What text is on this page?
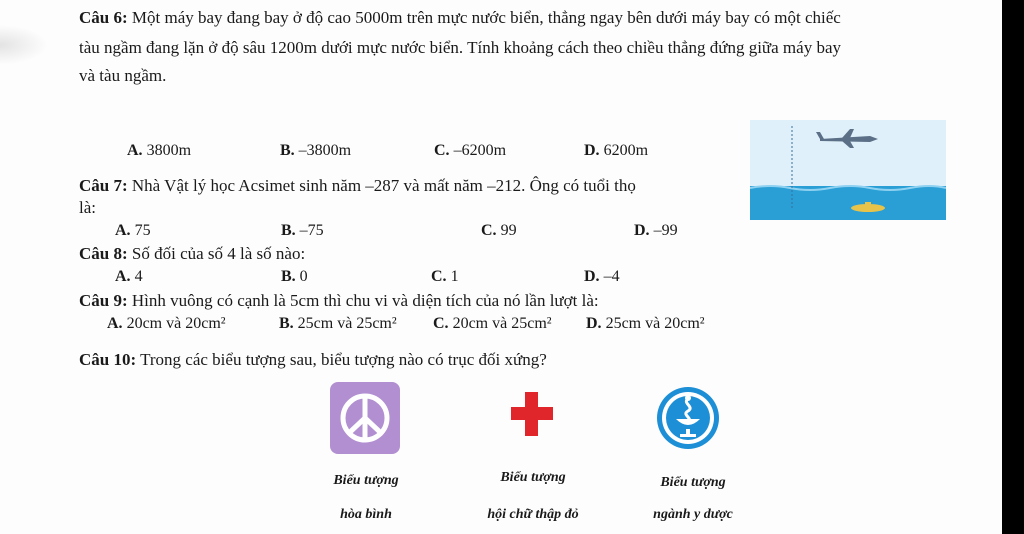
Câu 6: Một máy bay đang bay ở độ cao 5000m trên mực nước biển, thẳng ngay bên dưới máy bay có một chiếc
tàu ngầm đang lặn ở độ sâu 1200m dưới mực nước biển. Tính khoảng cách theo chiều thẳng đứng giữa máy bay
và tàu ngầm.
A. 3800m	B. –3800m	C. –6200m	D. 6200m
Câu 7: Nhà Vật lý học Acsimet sinh năm –287 và mất năm –212. Ông có tuổi thọ
là:
A. 75	B. –75	C. 99	D. –99
Câu 8: Số đối của số 4 là số nào:
A. 4	B. 0	C. 1	D. –4
Câu 9: Hình vuông có cạnh là 5cm thì chu vi và diện tích của nó lần lượt là:
A. 20cm và 20cm²	B. 25cm và 25cm² C. 20cm và 25cm² D. 25cm và 20cm²
Câu 10: Trong các biểu tượng sau, biểu tượng nào có trục đối xứng?
Biểu tượng
hòa bình
Biểu tượng
hội chữ thập đỏ
Biểu tượng
ngành y dược
